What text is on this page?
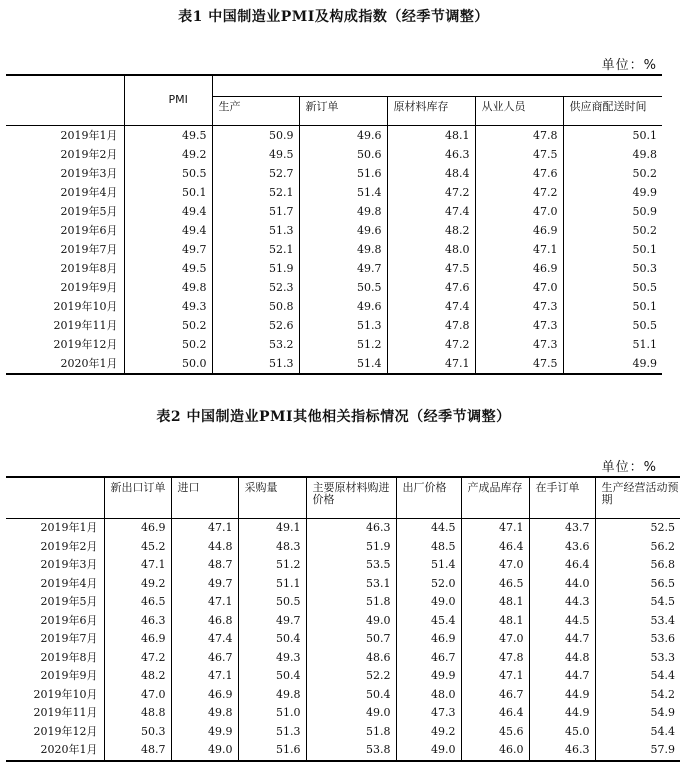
表1 中国制造业PMI及构成指数（经季节调整）
单位：%

	PMI					

		生产	新订单	原材料库存	从业人员	供应商配送时间

2019年1月	49.5	50.9	49.6	48.1	47.8	50.1
2019年2月	49.2	49.5	50.6	46.3	47.5	49.8
2019年3月	50.5	52.7	51.6	48.4	47.6	50.2
2019年4月	50.1	52.1	51.4	47.2	47.2	49.9
2019年5月	49.4	51.7	49.8	47.4	47.0	50.9
2019年6月	49.4	51.3	49.6	48.2	46.9	50.2
2019年7月	49.7	52.1	49.8	48.0	47.1	50.1
2019年8月	49.5	51.9	49.7	47.5	46.9	50.3
2019年9月	49.8	52.3	50.5	47.6	47.0	50.5
2019年10月	49.3	50.8	49.6	47.4	47.3	50.1
2019年11月	50.2	52.6	51.3	47.8	47.3	50.5
2019年12月	50.2	53.2	51.2	47.2	47.3	51.1
2020年1月	50.0	51.3	51.4	47.1	47.5	49.9
表2 中国制造业PMI其他相关指标情况（经季节调整）
单位：%

	新出口订单	进口	采购量	主要原材料购进价格	出厂价格	产成品库存	在手订单	生产经营活动预期

2019年1月	46.9	47.1	49.1	46.3	44.5	47.1	43.7	52.5
2019年2月	45.2	44.8	48.3	51.9	48.5	46.4	43.6	56.2
2019年3月	47.1	48.7	51.2	53.5	51.4	47.0	46.4	56.8
2019年4月	49.2	49.7	51.1	53.1	52.0	46.5	44.0	56.5
2019年5月	46.5	47.1	50.5	51.8	49.0	48.1	44.3	54.5
2019年6月	46.3	46.8	49.7	49.0	45.4	48.1	44.5	53.4
2019年7月	46.9	47.4	50.4	50.7	46.9	47.0	44.7	53.6
2019年8月	47.2	46.7	49.3	48.6	46.7	47.8	44.8	53.3
2019年9月	48.2	47.1	50.4	52.2	49.9	47.1	44.7	54.4
2019年10月	47.0	46.9	49.8	50.4	48.0	46.7	44.9	54.2
2019年11月	48.8	49.8	51.0	49.0	47.3	46.4	44.9	54.9
2019年12月	50.3	49.9	51.3	51.8	49.2	45.6	45.0	54.4
2020年1月	48.7	49.0	51.6	53.8	49.0	46.0	46.3	57.9
